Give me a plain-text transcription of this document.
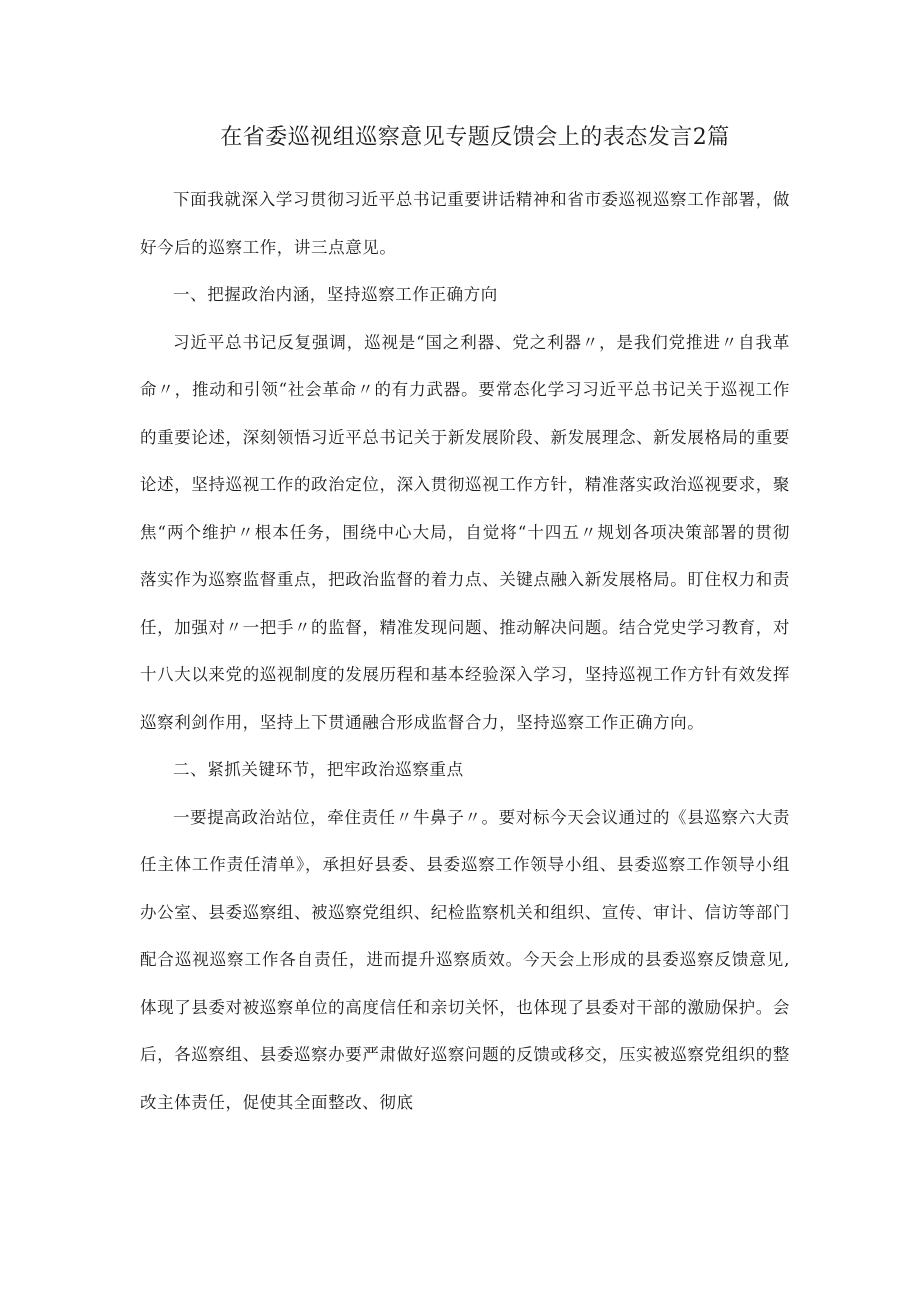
在省委巡视组巡察意见专题反馈会上的表态发言2篇

下面我就深入学习贯彻习近平总书记重要讲话精神和省市委巡视巡察工作部署，做好今后的巡察工作，讲三点意见。

一、把握政治内涵，坚持巡察工作正确方向

习近平总书记反复强调，巡视是“国之利器、党之利器〃，是我们党推进〃自我革命〃，推动和引领“社会革命〃的有力武器。要常态化学习习近平总书记关于巡视工作的重要论述，深刻领悟习近平总书记关于新发展阶段、新发展理念、新发展格局的重要论述，坚持巡视工作的政治定位，深入贯彻巡视工作方针，精准落实政治巡视要求，聚焦“两个维护〃根本任务，围绕中心大局，自觉将“十四五〃规划各项决策部署的贯彻落实作为巡察监督重点，把政治监督的着力点、关键点融入新发展格局。盯住权力和责任，加强对〃一把手〃的监督，精准发现问题、推动解决问题。结合党史学习教育，对十八大以来党的巡视制度的发展历程和基本经验深入学习，坚持巡视工作方针有效发挥巡察利剑作用，坚持上下贯通融合形成监督合力，坚持巡察工作正确方向。

二、紧抓关键环节，把牢政治巡察重点

一要提高政治站位，牵住责任〃牛鼻子〃。要对标今天会议通过的《县巡察六大责任主体工作责任清单》，承担好县委、县委巡察工作领导小组、县委巡察工作领导小组办公室、县委巡察组、被巡察党组织、纪检监察机关和组织、宣传、审计、信访等部门配合巡视巡察工作各自责任，进而提升巡察质效。今天会上形成的县委巡察反馈意见,体现了县委对被巡察单位的高度信任和亲切关怀，也体现了县委对干部的激励保护。会后，各巡察组、县委巡察办要严肃做好巡察问题的反馈或移交，压实被巡察党组织的整改主体责任，促使其全面整改、彻底
